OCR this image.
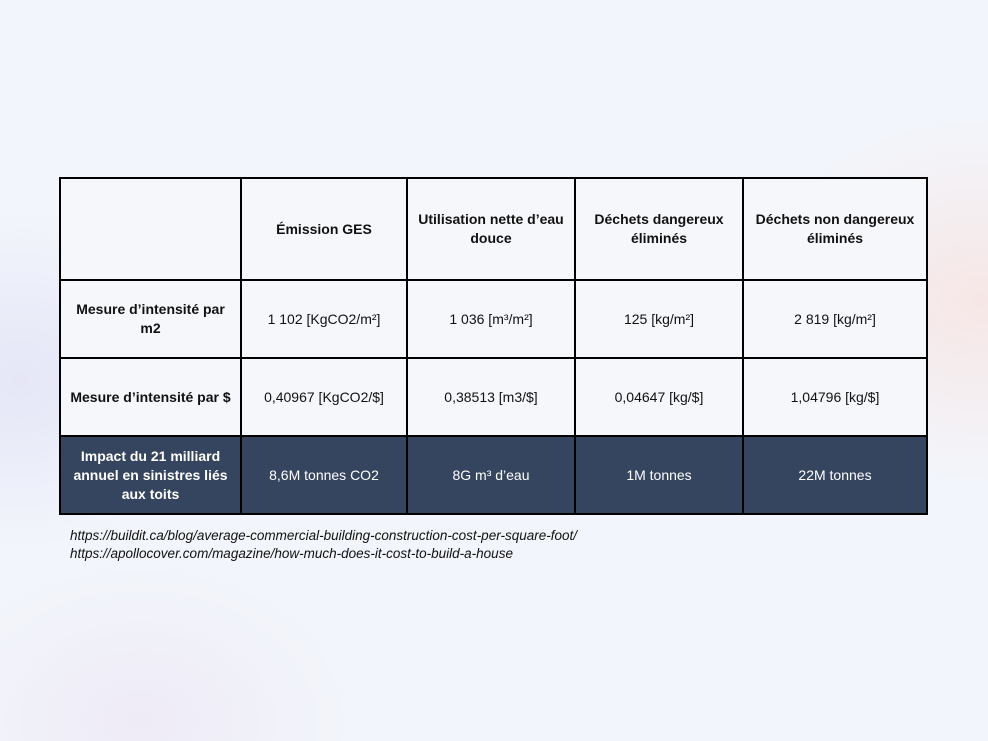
	Émission GES	Utilisation nette d’eau douce	Déchets dangereux éliminés	Déchets non dangereux éliminés
Mesure d’intensité par m2	1 102 [KgCO2/m²]	1 036 [m³/m²]	125 [kg/m²]	2 819 [kg/m²]
Mesure d’intensité par $	0,40967 [KgCO2/$]	0,38513 [m3/$]	0,04647 [kg/$]	1,04796 [kg/$]
Impact du 21 milliard annuel en sinistres liés aux toits	8,6M tonnes CO2	8G m³ d’eau	1M tonnes	22M tonnes
https://buildit.ca/blog/average-commercial-building-construction-cost-per-square-foot/
https://apollocover.com/magazine/how-much-does-it-cost-to-build-a-house
